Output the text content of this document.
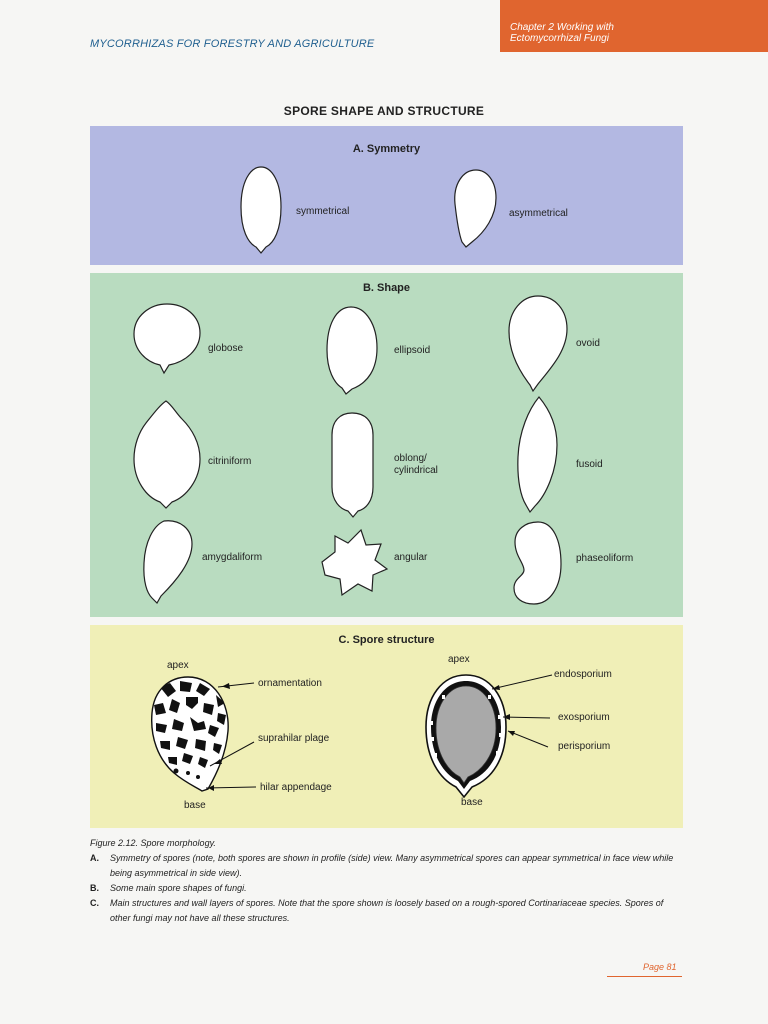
MYCORRHIZAS FOR FORESTRY AND AGRICULTURE
Chapter 2 Working with
Ectomycorrhizal Fungi
SPORE SHAPE AND STRUCTURE
A. Symmetry
symmetrical	asymmetrical
B. Shape
globose	ellipsoid
ovoid
citriniform	oblong/
cylindrical
fusoid
amygdaliform	angular	phaseoliform
C. Spore structure
apex
ornamentation
suprahilar plage
hilar appendage
base
apex
endosporium
exosporium
perisporium
base
Figure 2.12. Spore morphology.
A.	Symmetry of spores (note, both spores are shown in profile (side) view. Many asymmetrical spores can appear symmetrical in face view while being asymmetrical in side view).
B.	Some main spore shapes of fungi.
C.	Main structures and wall layers of spores. Note that the spore shown is loosely based on a rough-spored Cortinariaceae species. Spores of other fungi may not have all these structures.
Page 81
